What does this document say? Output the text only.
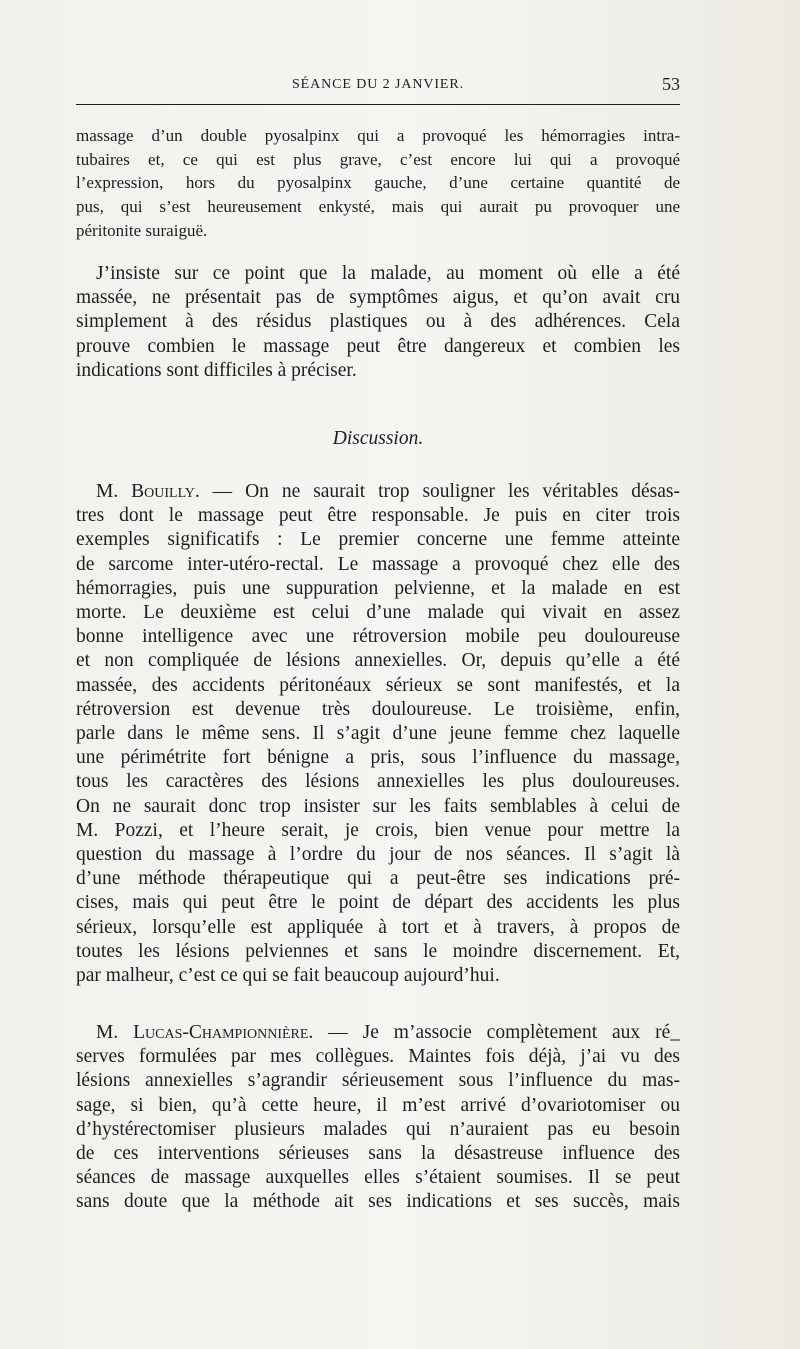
SÉANCE DU 2 JANVIER.	53
massage d’un double pyosalpinx qui a provoqué les hémorragies intra-
tubaires et, ce qui est plus grave, c’est encore lui qui a provoqué
l’expression, hors du pyosalpinx gauche, d’une certaine quantité de
pus, qui s’est heureusement enkysté, mais qui aurait pu provoquer une
péritonite suraiguë.
J’insiste sur ce point que la malade, au moment où elle a été
massée, ne présentait pas de symptômes aigus, et qu’on avait cru
simplement à des résidus plastiques ou à des adhérences. Cela
prouve combien le massage peut être dangereux et combien les
indications sont difficiles à préciser.
Discussion.
M. Bouilly. — On ne saurait trop souligner les véritables désas-
tres dont le massage peut être responsable. Je puis en citer trois
exemples significatifs : Le premier concerne une femme atteinte
de sarcome inter-utéro-rectal. Le massage a provoqué chez elle des
hémorragies, puis une suppuration pelvienne, et la malade en est
morte. Le deuxième est celui d’une malade qui vivait en assez
bonne intelligence avec une rétroversion mobile peu douloureuse
et non compliquée de lésions annexielles. Or, depuis qu’elle a été
massée, des accidents péritonéaux sérieux se sont manifestés, et la
rétroversion est devenue très douloureuse. Le troisième, enfin,
parle dans le même sens. Il s’agit d’une jeune femme chez laquelle
une périmétrite fort bénigne a pris, sous l’influence du massage,
tous les caractères des lésions annexielles les plus douloureuses.
On ne saurait donc trop insister sur les faits semblables à celui de
M. Pozzi, et l’heure serait, je crois, bien venue pour mettre la
question du massage à l’ordre du jour de nos séances. Il s’agit là
d’une méthode thérapeutique qui a peut-être ses indications pré-
cises, mais qui peut être le point de départ des accidents les plus
sérieux, lorsqu’elle est appliquée à tort et à travers, à propos de
toutes les lésions pelviennes et sans le moindre discernement. Et,
par malheur, c’est ce qui se fait beaucoup aujourd’hui.
M. Lucas-Championnière. — Je m’associe complètement aux ré_
serves formulées par mes collègues. Maintes fois déjà, j’ai vu des
lésions annexielles s’agrandir sérieusement sous l’influence du mas-
sage, si bien, qu’à cette heure, il m’est arrivé d’ovariotomiser ou
d’hystérectomiser plusieurs malades qui n’auraient pas eu besoin
de ces interventions sérieuses sans la désastreuse influence des
séances de massage auxquelles elles s’étaient soumises. Il se peut
sans doute que la méthode ait ses indications et ses succès, mais
